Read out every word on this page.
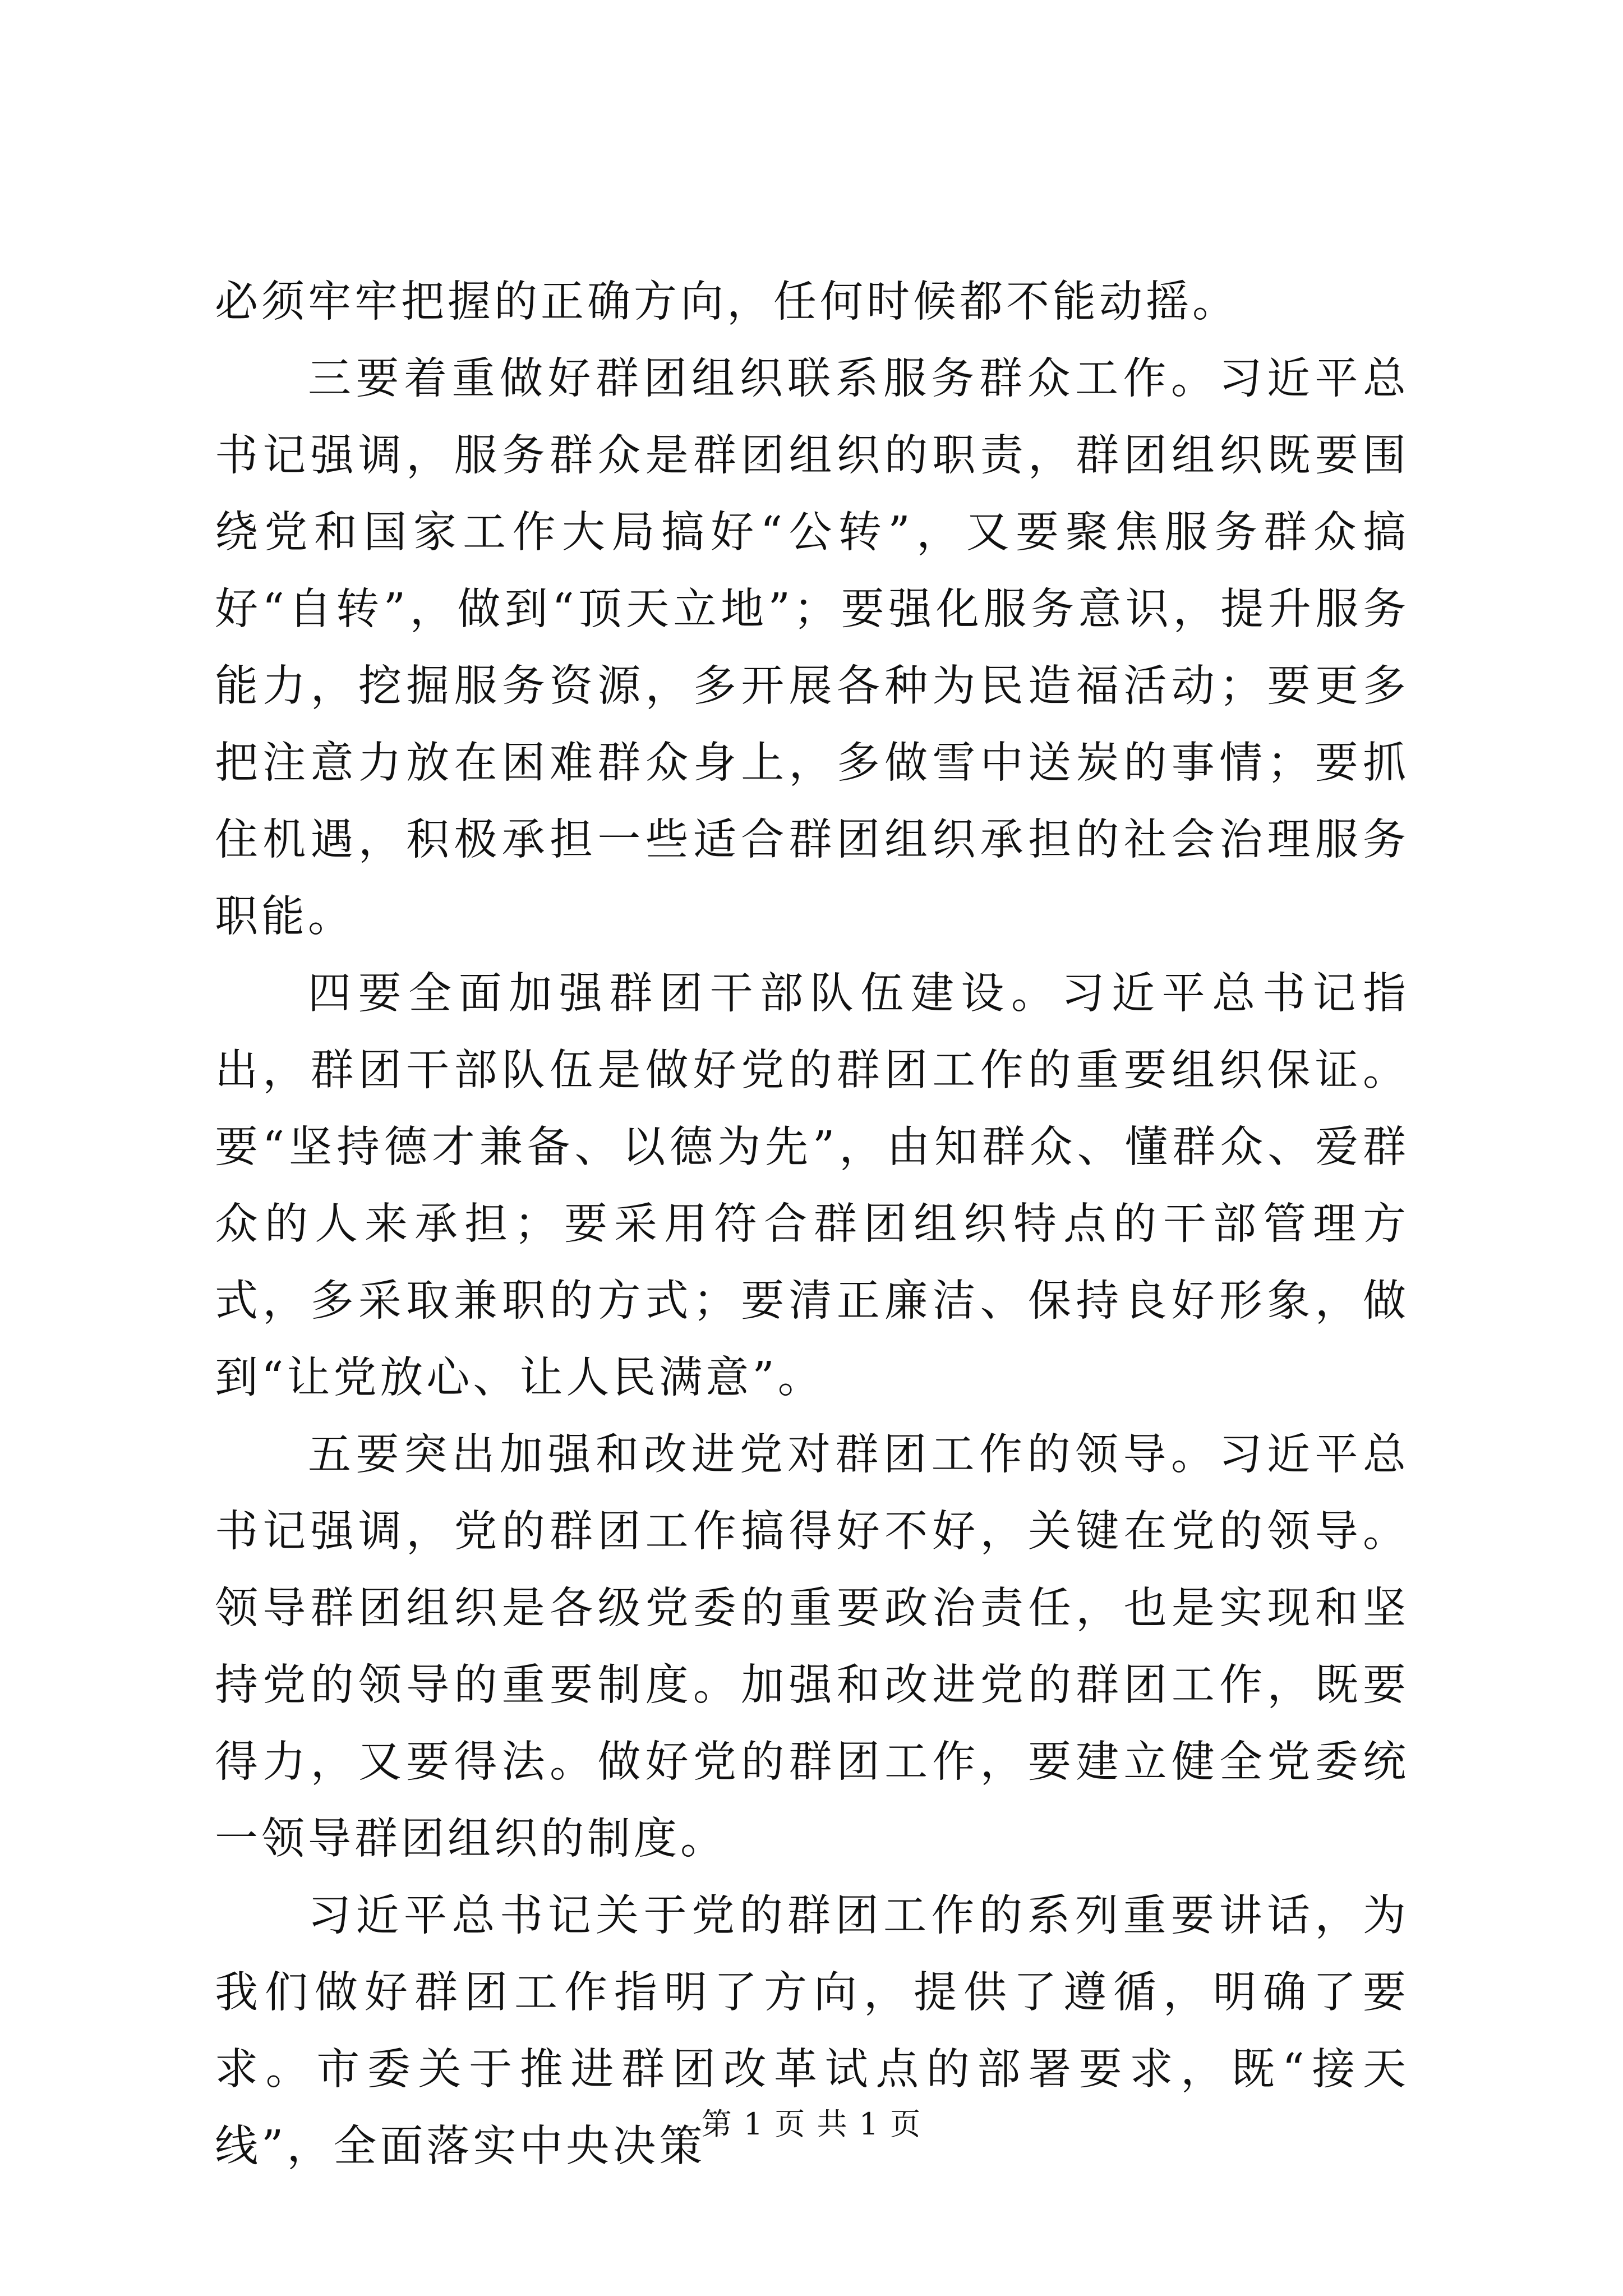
必须牢牢把握的正确方向，任何时候都不能动摇。

三要着重做好群团组织联系服务群众工作。习近平总书记强调，服务群众是群团组织的职责，群团组织既要围绕党和国家工作大局搞好“公转”，又要聚焦服务群众搞好“自转”，做到“顶天立地”；要强化服务意识，提升服务能力，挖掘服务资源，多开展各种为民造福活动；要更多把注意力放在困难群众身上，多做雪中送炭的事情；要抓住机遇，积极承担一些适合群团组织承担的社会治理服务职能。

四要全面加强群团干部队伍建设。习近平总书记指出，群团干部队伍是做好党的群团工作的重要组织保证。要“坚持德才兼备、以德为先”，由知群众、懂群众、爱群众的人来承担；要采用符合群团组织特点的干部管理方式，多采取兼职的方式；要清正廉洁、保持良好形象，做到“让党放心、让人民满意”。

五要突出加强和改进党对群团工作的领导。习近平总书记强调，党的群团工作搞得好不好，关键在党的领导。领导群团组织是各级党委的重要政治责任，也是实现和坚持党的领导的重要制度。加强和改进党的群团工作，既要得力，又要得法。做好党的群团工作，要建立健全党委统一领导群团组织的制度。

习近平总书记关于党的群团工作的系列重要讲话，为我们做好群团工作指明了方向，提供了遵循，明确了要求。市委关于推进群团改革试点的部署要求，既“接天线”，全面落实中央决策

第 1 页 共 1 页
